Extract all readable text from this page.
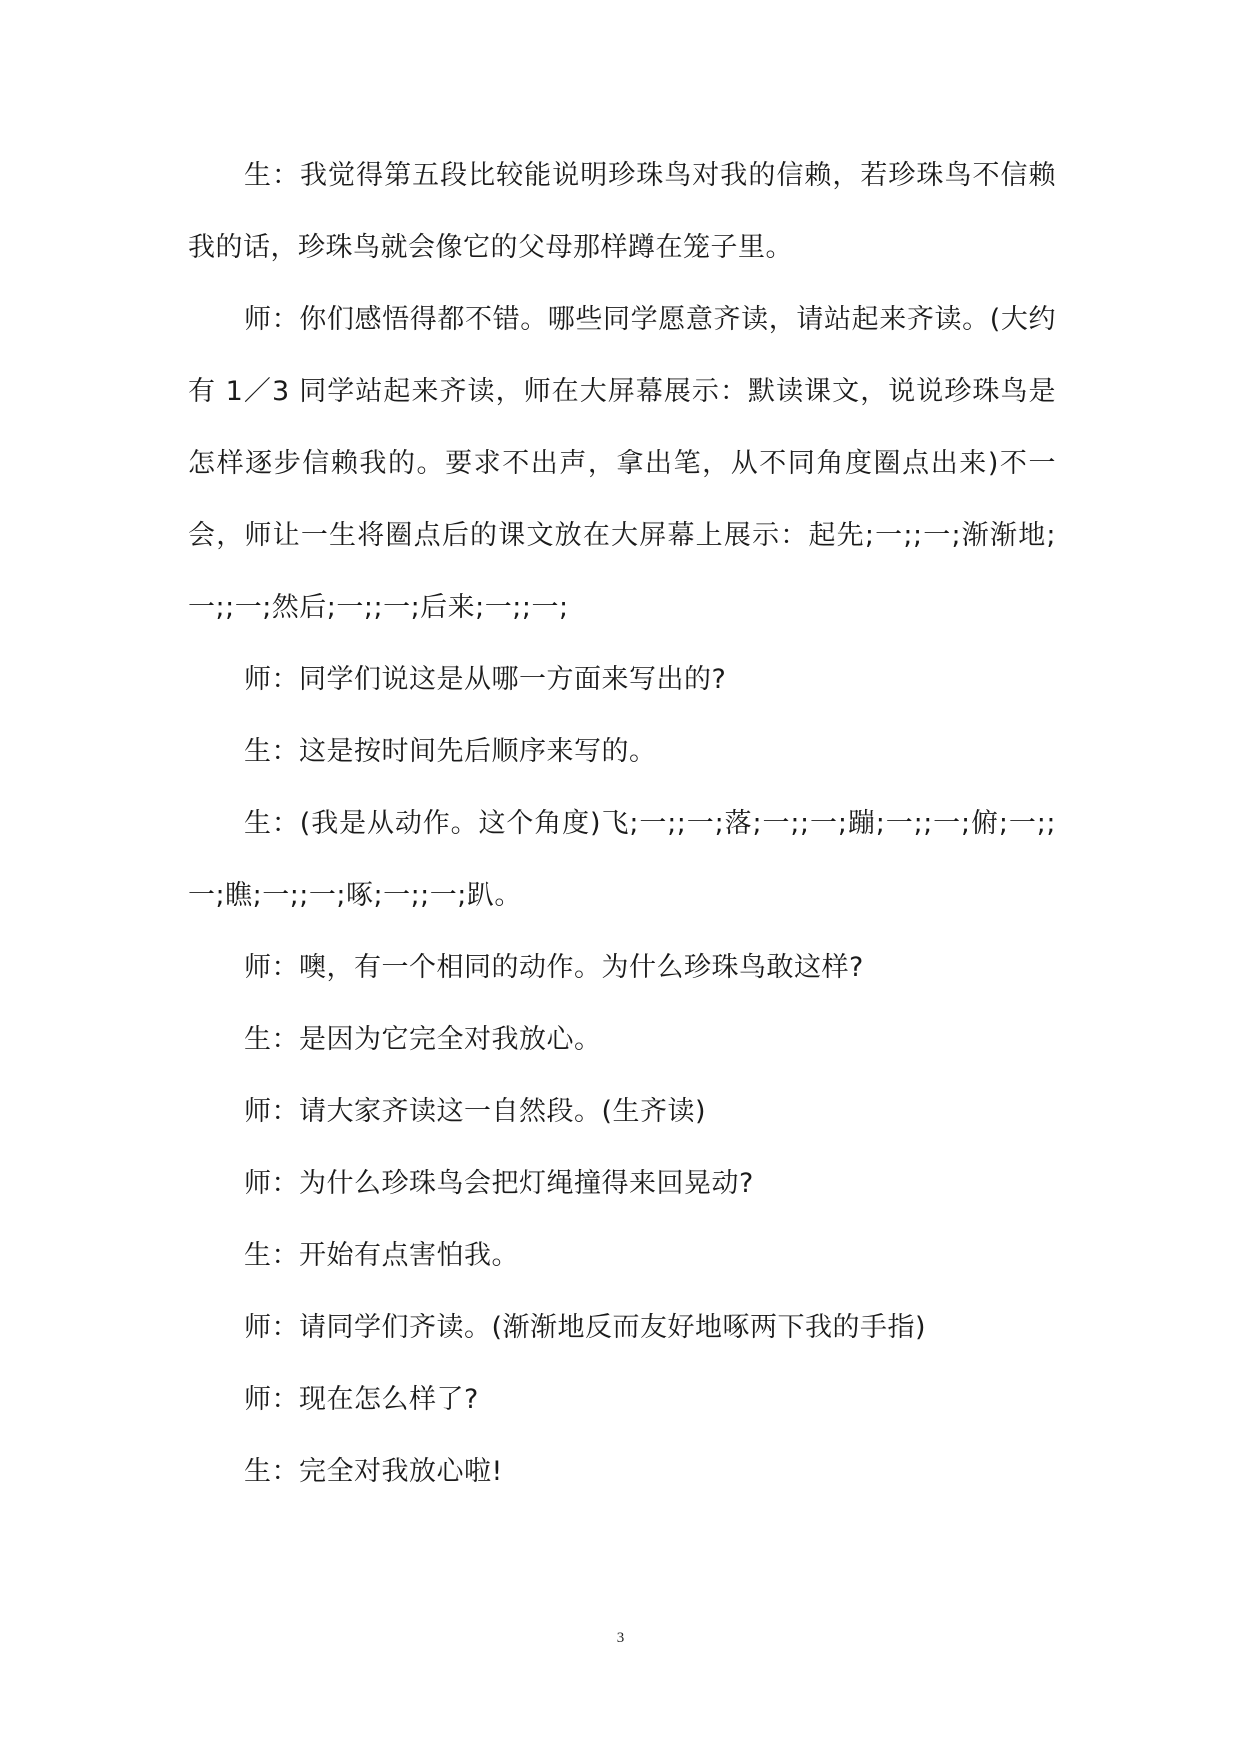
生：我觉得第五段比较能说明珍珠鸟对我的信赖，若珍珠鸟不信赖我的话，珍珠鸟就会像它的父母那样蹲在笼子里。

师：你们感悟得都不错。哪些同学愿意齐读，请站起来齐读。(大约有 1／3 同学站起来齐读，师在大屏幕展示：默读课文，说说珍珠鸟是怎样逐步信赖我的。要求不出声，拿出笔，从不同角度圈点出来)不一会，师让一生将圈点后的课文放在大屏幕上展示：起先;一;;一;渐渐地;一;;一;然后;一;;一;后来;一;;一;

师：同学们说这是从哪一方面来写出的?

生：这是按时间先后顺序来写的。

生：(我是从动作。这个角度)飞;一;;一;落;一;;一;蹦;一;;一;俯;一;;一;瞧;一;;一;啄;一;;一;趴。

师：噢，有一个相同的动作。为什么珍珠鸟敢这样?

生：是因为它完全对我放心。

师：请大家齐读这一自然段。(生齐读)

师：为什么珍珠鸟会把灯绳撞得来回晃动?

生：开始有点害怕我。

师：请同学们齐读。(渐渐地反而友好地啄两下我的手指)

师：现在怎么样了?

生：完全对我放心啦!

3
